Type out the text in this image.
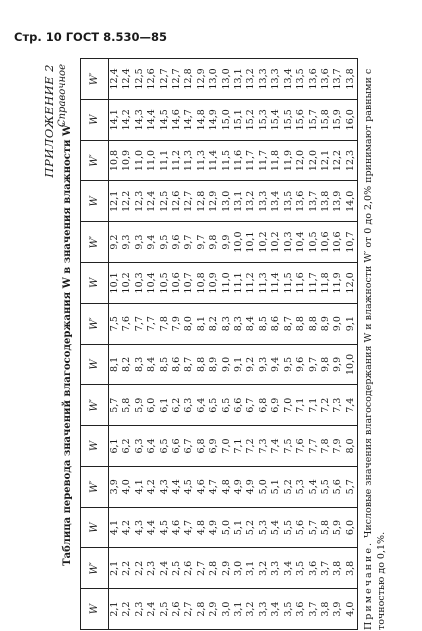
Стр. 10 ГОСТ 8.530—85
ПРИЛОЖЕНИЕ 2 Справочное
Таблица перевода значений влагосодержания W в значения влажности W′
W	W′	W	W′	W	W′	W	W′	W	W′	W	W′	W	W′
2,1	2,1	4,1	3,9	6,1	5,7	8,1	7,5	10,1	9,2	12,1	10,8	14,1	12,4
2,2	2,2	4,2	4,0	6,2	5,8	8,2	7,6	10,2	9,3	12,2	10,9	14,2	12,4
2,3	2,2	4,3	4,1	6,3	5,9	8,3	7,7	10,3	9,3	12,3	11,0	14,3	12,5
2,4	2,3	4,4	4,2	6,4	6,0	8,4	7,7	10,4	9,4	12,4	11,0	14,4	12,6
2,5	2,4	4,5	4,3	6,5	6,1	8,5	7,8	10,5	9,5	12,5	11,1	14,5	12,7
2,6	2,5	4,6	4,4	6,6	6,2	8,6	7,9	10,6	9,6	12,6	11,2	14,6	12,7
2,7	2,6	4,7	4,5	6,7	6,3	8,7	8,0	10,7	9,7	12,7	11,3	14,7	12,8
2,8	2,7	4,8	4,6	6,8	6,4	8,8	8,1	10,8	9,7	12,8	11,3	14,8	12,9
2,9	2,8	4,9	4,7	6,9	6,5	8,9	8,2	10,9	9,8	12,9	11,4	14,9	13,0
3,0	2,9	5,0	4,8	7,0	6,5	9,0	8,3	11,0	9,9	13,0	11,5	15,0	13,0
3,1	3,0	5,1	4,9	7,1	6,6	9,1	8,3	11,1	10,0	13,1	11,6	15,1	13,1
3,2	3,1	5,2	4,9	7,2	6,7	9,2	8,4	11,2	10,1	13,2	11,7	15,2	13,2
3,3	3,2	5,3	5,0	7,3	6,8	9,3	8,5	11,3	10,2	13,3	11,7	15,3	13,3
3,4	3,3	5,4	5,1	7,4	6,9	9,4	8,6	11,4	10,2	13,4	11,8	15,4	13,3
3,5	3,4	5,5	5,2	7,5	7,0	9,5	8,7	11,5	10,3	13,5	11,9	15,5	13,4
3,6	3,5	5,6	5,3	7,6	7,1	9,6	8,8	11,6	10,4	13,6	12,0	15,6	13,5
3,7	3,6	5,7	5,4	7,7	7,1	9,7	8,8	11,7	10,5	13,7	12,0	15,7	13,6
3,8	3,7	5,8	5,5	7,8	7,2	9,8	8,9	11,8	10,6	13,8	12,1	15,8	13,6
3,9	3,8	5,9	5,6	7,9	7,3	9,9	9,0	11,9	10,6	13,9	12,2	15,9	13,7
4,0	3,8	6,0	5,7	8,0	7,4	10,0	9,1	12,0	10,7	14,0	12,3	16,0	13,8
Примечание. Числовые значения влагосодержания W и влажности W′ от 0 до 2,0% принимают равными с точностью до 0,1%.
